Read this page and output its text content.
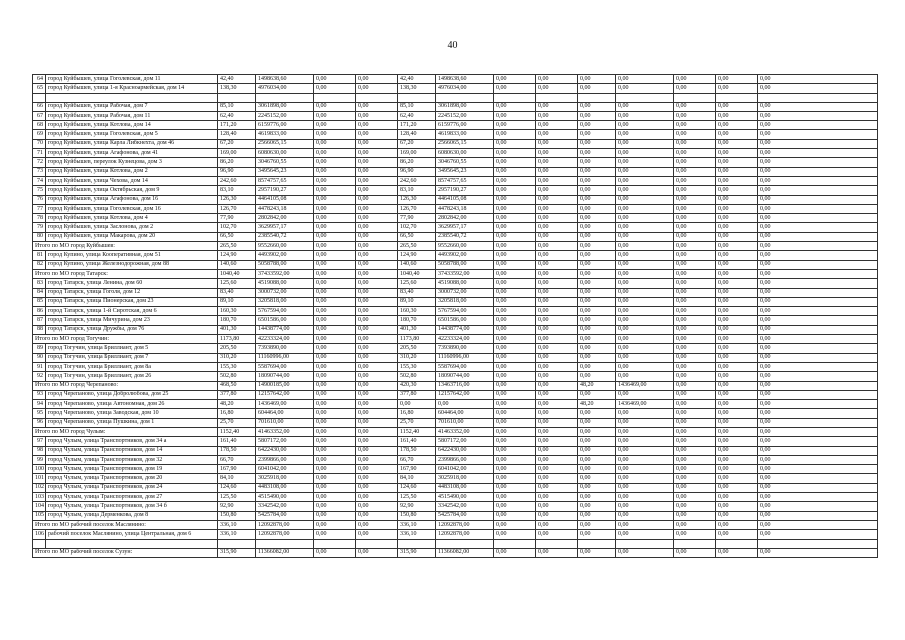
40
64	город Куйбышев, улица Гоголевская, дом 11	42,40	1498638,60	0,00	0,00	42,40	1498638,60	0,00	0,00	0,00	0,00	0,00	0,00	0,00
65	город Куйбышев, улица 1-я Красноармейская, дом 14	138,30	4976034,00	0,00	0,00	138,30	4976034,00	0,00	0,00	0,00	0,00	0,00	0,00	0,00

66	город Куйбышев, улица Рабочая, дом 7	85,10	3061898,00	0,00	0,00	85,10	3061898,00	0,00	0,00	0,00	0,00	0,00	0,00	0,00
67	город Куйбышев, улица Рабочая, дом 11	62,40	2245152,00	0,00	0,00	62,40	2245152,00	0,00	0,00	0,00	0,00	0,00	0,00	0,00
68	город Куйбышев, улица Котлова, дом 14	171,20	6159776,00	0,00	0,00	171,20	6159776,00	0,00	0,00	0,00	0,00	0,00	0,00	0,00
69	город Куйбышев, улица Гоголевская, дом 5	128,40	4619833,00	0,00	0,00	128,40	4619833,00	0,00	0,00	0,00	0,00	0,00	0,00	0,00
70	город Куйбышев, улица Карла Либкнехта, дом 46	67,20	2566065,15	0,00	0,00	67,20	2566065,15	0,00	0,00	0,00	0,00	0,00	0,00	0,00
71	город Куйбышев, улица Агафонова, дом 41	169,00	6080630,00	0,00	0,00	169,00	6080630,00	0,00	0,00	0,00	0,00	0,00	0,00	0,00
72	город Куйбышев, переулок Кузнецова, дом 3	86,20	3046760,55	0,00	0,00	86,20	3046760,55	0,00	0,00	0,00	0,00	0,00	0,00	0,00
73	город Куйбышев, улица Котлова, дом 2	96,90	3495645,23	0,00	0,00	96,90	3495645,23	0,00	0,00	0,00	0,00	0,00	0,00	0,00
74	город Куйбышев, улица Чехова, дом 14	242,60	8574757,65	0,00	0,00	242,60	8574757,65	0,00	0,00	0,00	0,00	0,00	0,00	0,00
75	город Куйбышев, улица Октябрьская, дом 9	83,10	2957190,27	0,00	0,00	83,10	2957190,27	0,00	0,00	0,00	0,00	0,00	0,00	0,00
76	город Куйбышев, улица Агафонова, дом 16	126,30	4464105,08	0,00	0,00	126,30	4464105,08	0,00	0,00	0,00	0,00	0,00	0,00	0,00
77	город Куйбышев, улица Гоголевская, дом 16	126,70	4478243,18	0,00	0,00	126,70	4478243,18	0,00	0,00	0,00	0,00	0,00	0,00	0,00
78	город Куйбышев, улица Котлова, дом 4	77,90	2802842,00	0,00	0,00	77,90	2802842,00	0,00	0,00	0,00	0,00	0,00	0,00	0,00
79	город Куйбышев, улица Заслонова, дом 2	102,70	3629957,17	0,00	0,00	102,70	3629957,17	0,00	0,00	0,00	0,00	0,00	0,00	0,00
80	город Куйбышев, улица Макарова, дом 20	66,50	2385540,72	0,00	0,00	66,50	2385540,72	0,00	0,00	0,00	0,00	0,00	0,00	0,00
Итого по МО город Куйбышев:		265,50	9552660,00	0,00	0,00	265,50	9552660,00	0,00	0,00	0,00	0,00	0,00	0,00	0,00
81	город Купино, улица Кооперативная, дом 51	124,90	4493902,00	0,00	0,00	124,90	4493902,00	0,00	0,00	0,00	0,00	0,00	0,00	0,00
82	город Купино, улица Железнодорожная, дом 88	140,60	5058788,00	0,00	0,00	140,60	5058788,00	0,00	0,00	0,00	0,00	0,00	0,00	0,00
Итого по МО город Татарск:		1040,40	37433592,00	0,00	0,00	1040,40	37433592,00	0,00	0,00	0,00	0,00	0,00	0,00	0,00
83	город Татарск, улица Ленина, дом 60	125,60	4519088,00	0,00	0,00	125,60	4519088,00	0,00	0,00	0,00	0,00	0,00	0,00	0,00
84	город Татарск, улица Гоголя, дом 12	83,40	3000732,00	0,00	0,00	83,40	3000732,00	0,00	0,00	0,00	0,00	0,00	0,00	0,00
85	город Татарск, улица Пионерская, дом 23	89,10	3205818,00	0,00	0,00	89,10	3205818,00	0,00	0,00	0,00	0,00	0,00	0,00	0,00
86	город Татарск, улица 1-й Сиротская, дом 6	160,30	5767594,00	0,00	0,00	160,30	5767594,00	0,00	0,00	0,00	0,00	0,00	0,00	0,00
87	город Татарск, улица Мичурина, дом 23	180,70	6501586,00	0,00	0,00	180,70	6501586,00	0,00	0,00	0,00	0,00	0,00	0,00	0,00
88	город Татарск, улица Дружбы, дом 76	401,30	14438774,00	0,00	0,00	401,30	14438774,00	0,00	0,00	0,00	0,00	0,00	0,00	0,00
Итого по МО город Тогучин:		1173,80	42233324,00	0,00	0,00	1173,80	42233324,00	0,00	0,00	0,00	0,00	0,00	0,00	0,00
89	город Тогучин, улица Бриллиант, дом 5	205,50	7393890,00	0,00	0,00	205,50	7393890,00	0,00	0,00	0,00	0,00	0,00	0,00	0,00
90	город Тогучин, улица Бриллиант, дом 7	310,20	11160996,00	0,00	0,00	310,20	11160996,00	0,00	0,00	0,00	0,00	0,00	0,00	0,00
91	город Тогучин, улица Бриллиант, дом 8а	155,30	5587694,00	0,00	0,00	155,30	5587694,00	0,00	0,00	0,00	0,00	0,00	0,00	0,00
92	город Тогучин, улица Бриллиант, дом 26	502,80	18090744,00	0,00	0,00	502,80	18090744,00	0,00	0,00	0,00	0,00	0,00	0,00	0,00
Итого по МО город Черепаново:		468,50	14900185,00	0,00	0,00	420,30	13463716,00	0,00	0,00	48,20	1436469,00	0,00	0,00	0,00
93	город Черепаново, улица Добролюбова, дом 25	377,80	12157642,00	0,00	0,00	377,80	12157642,00	0,00	0,00	0,00	0,00	0,00	0,00	0,00
94	город Черепаново, улица Автономная, дом 26	48,20	1436469,00	0,00	0,00	0,00	0,00	0,00	0,00	48,20	1436469,00	0,00	0,00	0,00
95	город Черепаново, улица Заводская, дом 10	16,80	604464,00	0,00	0,00	16,80	604464,00	0,00	0,00	0,00	0,00	0,00	0,00	0,00
96	город Черепаново, улица Пушкина, дом 1	25,70	701610,00	0,00	0,00	25,70	701610,00	0,00	0,00	0,00	0,00	0,00	0,00	0,00
Итого по МО город Чулым:		1152,40	41463352,00	0,00	0,00	1152,40	41463352,00	0,00	0,00	0,00	0,00	0,00	0,00	0,00
97	город Чулым, улица Транспортников, дом 34 а	161,40	5807172,00	0,00	0,00	161,40	5807172,00	0,00	0,00	0,00	0,00	0,00	0,00	0,00
98	город Чулым, улица Транспортников, дом 14	178,50	6422430,00	0,00	0,00	178,50	6422430,00	0,00	0,00	0,00	0,00	0,00	0,00	0,00
99	город Чулым, улица Транспортников, дом 32	66,70	2399866,00	0,00	0,00	66,70	2399866,00	0,00	0,00	0,00	0,00	0,00	0,00	0,00
100	город Чулым, улица Транспортников, дом 19	167,90	6041042,00	0,00	0,00	167,90	6041042,00	0,00	0,00	0,00	0,00	0,00	0,00	0,00
101	город Чулым, улица Транспортников, дом 20	84,10	3025918,00	0,00	0,00	84,10	3025918,00	0,00	0,00	0,00	0,00	0,00	0,00	0,00
102	город Чулым, улица Транспортников, дом 24	124,60	4483108,00	0,00	0,00	124,60	4483108,00	0,00	0,00	0,00	0,00	0,00	0,00	0,00
103	город Чулым, улица Транспортников, дом 27	125,50	4515490,00	0,00	0,00	125,50	4515490,00	0,00	0,00	0,00	0,00	0,00	0,00	0,00
104	город Чулым, улица Транспортников, дом 34 б	92,90	3342542,00	0,00	0,00	92,90	3342542,00	0,00	0,00	0,00	0,00	0,00	0,00	0,00
105	город Чулым, улица Дерменкова, дом 8	150,80	5425784,00	0,00	0,00	150,80	5425784,00	0,00	0,00	0,00	0,00	0,00	0,00	0,00
Итого по МО рабочий поселок Маслянино:		336,10	12092878,00	0,00	0,00	336,10	12092878,00	0,00	0,00	0,00	0,00	0,00	0,00	0,00
106	рабочий поселок Маслянино, улица Центральная, дом 6	336,10	12092878,00	0,00	0,00	336,10	12092878,00	0,00	0,00	0,00	0,00	0,00	0,00	0,00

Итого по МО рабочий поселок Сузун:		315,90	11366082,00	0,00	0,00	315,90	11366082,00	0,00	0,00	0,00	0,00	0,00	0,00	0,00
